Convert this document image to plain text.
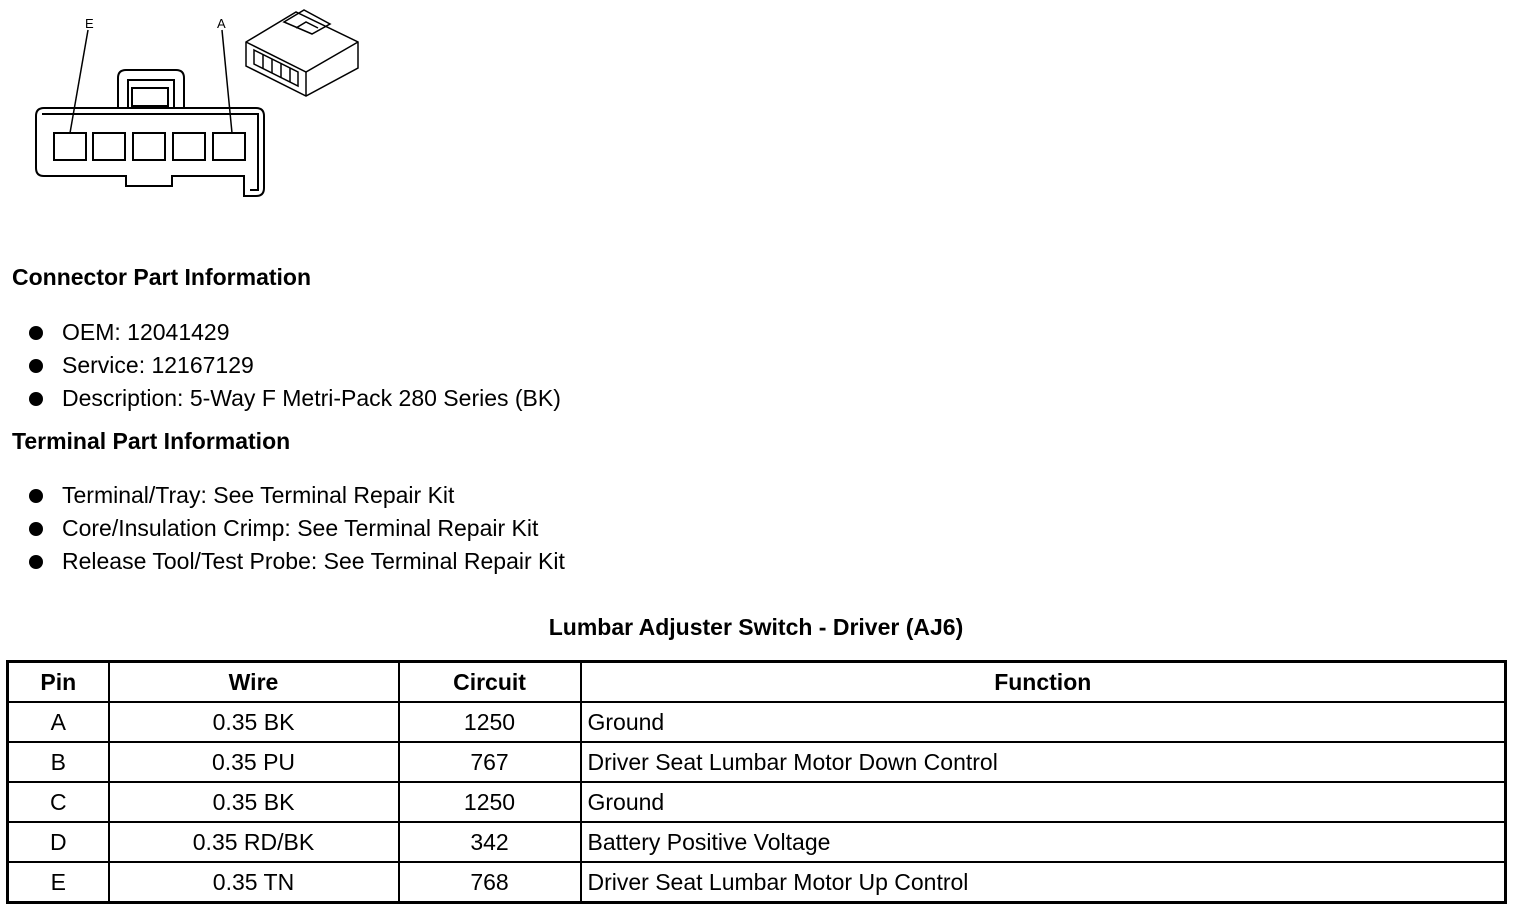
E	A
Connector Part Information
OEM: 12041429
Service: 12167129
Description: 5-Way F Metri-Pack 280 Series (BK)
Terminal Part Information
Terminal/Tray: See Terminal Repair Kit
Core/Insulation Crimp: See Terminal Repair Kit
Release Tool/Test Probe: See Terminal Repair Kit
Lumbar Adjuster Switch - Driver (AJ6)
Pin	Wire	Circuit	Function
A	0.35 BK	1250	Ground
B	0.35 PU	767	Driver Seat Lumbar Motor Down Control
C	0.35 BK	1250	Ground
D	0.35 RD/BK	342	Battery Positive Voltage
E	0.35 TN	768	Driver Seat Lumbar Motor Up Control
